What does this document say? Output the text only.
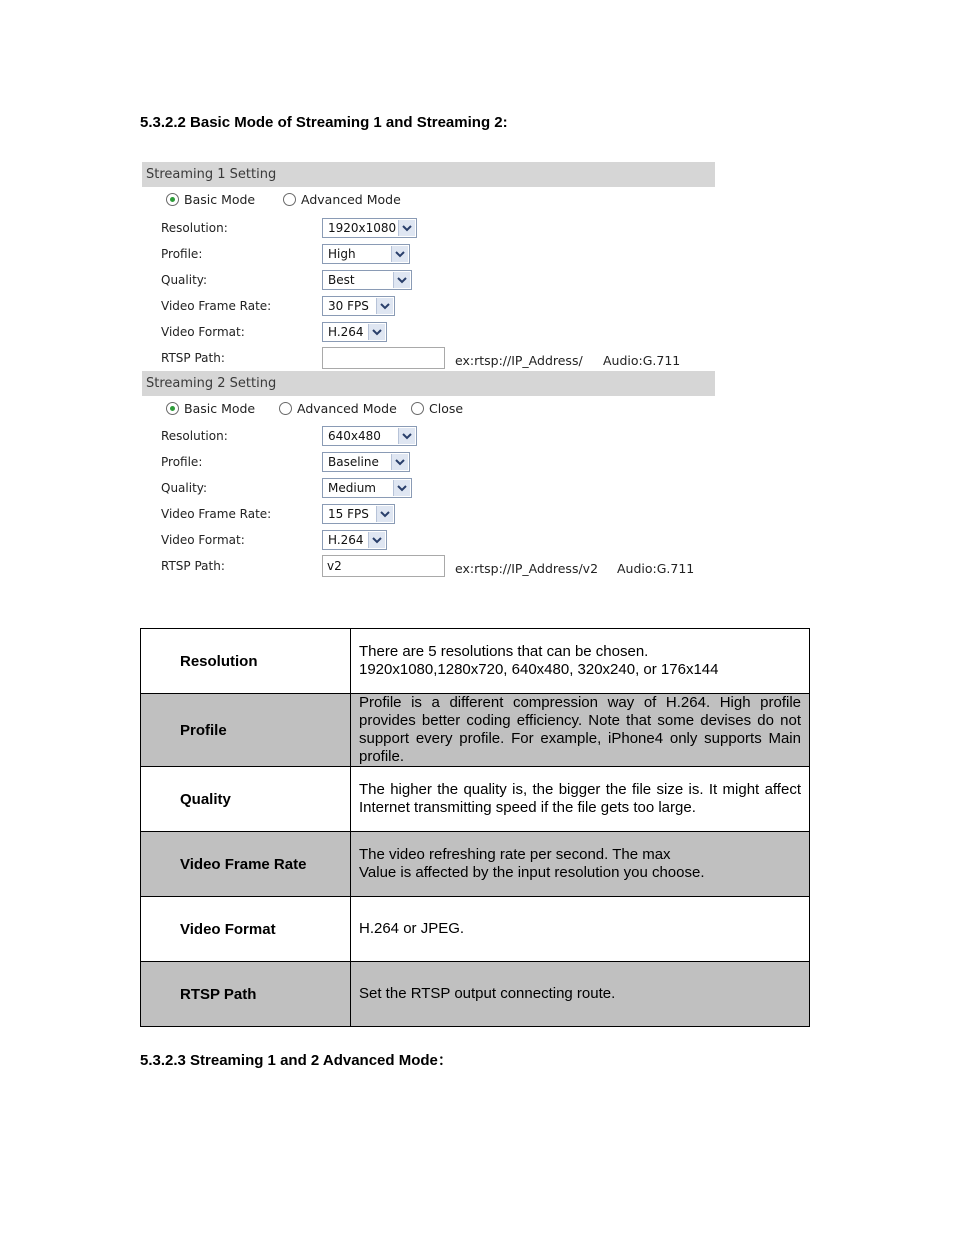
5.3.2.2 Basic Mode of Streaming 1 and Streaming 2:
Streaming 1 Setting
Basic Mode	Advanced Mode
Resolution:	1920x1080
Profile:	High
Quality:	Best
Video Frame Rate:	30 FPS
Video Format:	H.264
RTSP Path:	ex:rtsp://IP_Address/ Audio:G.711
Streaming 2 Setting
Basic Mode	Advanced Mode	Close
Resolution:	640x480
Profile:	Baseline
Quality:	Medium
Video Frame Rate:	15 FPS
Video Format:	H.264
RTSP Path:	v2	ex:rtsp://IP_Address/v2 Audio:G.711
Resolution	There are 5 resolutions that can be chosen.
1920x1080,1280x720, 640x480, 320x240, or 176x144

Profile	Profile is a different compression way of H.264. High profile provides better coding efficiency. Note that some devises do not support every profile. For example, iPhone4 only supports Main profile.

Quality	The higher the quality is, the bigger the file size is. It might affect Internet transmitting speed if the file gets too large.

Video Frame Rate	The video refreshing rate per second. The max
Value is affected by the input resolution you choose.

Video Format	H.264 or JPEG.

RTSP Path	Set the RTSP output connecting route.
5.3.2.3 Streaming 1 and 2 Advanced Mode：
